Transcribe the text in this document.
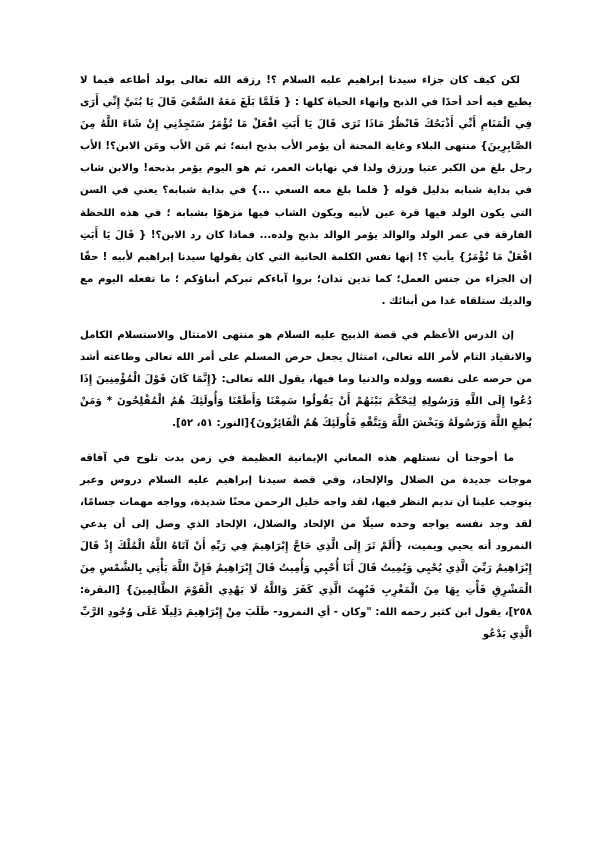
لكن كيف كان جزاء سيدنا إبراهيم عليه السلام ؟! رزقه الله تعالى بولد أطاعه فيما لا يطيع فيه أحد أحدًا في الذبح وإنهاء الحياة كلها : { فَلَمَّا بَلَغَ مَعَهُ السَّعْيَ قَالَ يَا بُنَيَّ إِنِّي أَرَى فِي الْمَنَامِ أَنِّي أَذْبَحُكَ فَانْظُرْ مَاذَا تَرَى قَالَ يَا أَبَتِ افْعَلْ مَا تُؤْمَرُ سَتَجِدُنِي إِنْ شَاءَ اللَّهُ مِنَ الصَّابِرِينَ} منتهى البلاء وغاية المحنة أن يؤمر الأب بذبح ابنه؛ ثم مَن الأب ومَن الابن؟! الأب رجل بلغ من الكبر عتيا ورزق ولدا في نهايات العمر، ثم هو اليوم يؤمر بذبحه! والابن شاب في بداية شبابه بدليل قوله { فلما بلغ معه السعي ...} في بداية شبابه؟ يعني في السن التي يكون الولد فيها قرة عين لأبيه ويكون الشاب فيها مزهوًا بشبابه ؛ في هذه اللحظة الفارقة في عمر الولد والوالد يؤمر الوالد بذبح ولده... فماذا كان رد الابن؟! { قَالَ يَا أَبَتِ افْعَلْ مَا تُؤْمَرُ} يأبتِ ؟! إنها نفس الكلمة الحانية التي كان يقولها سيدنا إبراهيم لأبيه ! حقًا إن الجزاء من جنس العمل؛ كما تدين تدان؛ بروا آباءكم تبركم أبناؤكم ؛ ما تفعله اليوم مع والديك ستلقاه غدا من أبنائك .

إن الدرس الأعظم في قصة الذبيح عليه السلام هو منتهى الامتثال والاستسلام الكامل والانقياد التام لأمر الله تعالى، امتثال يجعل حرص المسلم على أمر الله تعالى وطاعته أشد من حرصه على نفسه وولده والدنيا وما فيها، يقول الله تعالى: {إِنَّمَا كَانَ قَوْلَ الْمُؤْمِنِينَ إِذَا دُعُوا إِلَى اللَّهِ وَرَسُولِهِ لِيَحْكُمَ بَيْنَهُمْ أَنْ يَقُولُوا سَمِعْنَا وَأَطَعْنَا وَأُولَئِكَ هُمُ الْمُفْلِحُونَ * وَمَنْ يُطِعِ اللَّهَ وَرَسُولَهُ وَيَخْشَ اللَّهَ وَيَتَّقْهِ فَأُولَئِكَ هُمُ الْفَائِزُونَ}[النور: ٥١، ٥٢].

ما أحوجنا أن نستلهم هذه المعاني الإيمانية العظيمة في زمن بدت تلوح في آفاقه موجات جديدة من الضلال والإلحاد، وفي قصة سيدنا إبراهيم عليه السلام دروس وعبر يتوجب علينا أن نديم النظر فيها، لقد واجه خليل الرحمن محنًا شديدة، وواجه مهمات جسامًا، لقد وجد نفسه يواجه وحده سيلًا من الإلحاد والضلال، الإلحاد الذي وصل إلى أن يدعي النمرود أنه يحيي ويميت، {أَلَمْ تَرَ إِلَى الَّذِي حَاجَّ إِبْرَاهِيمَ فِي رَبِّهِ أَنْ آتَاهُ اللَّهُ الْمُلْكَ إِذْ قَالَ إِبْرَاهِيمُ رَبِّيَ الَّذِي يُحْيِي وَيُمِيتُ قَالَ أَنَا أُحْيِي وَأُمِيتُ قَالَ إِبْرَاهِيمُ فَإِنَّ اللَّهَ يَأْتِي بِالشَّمْسِ مِنَ الْمَشْرِقِ فَأْتِ بِهَا مِنَ الْمَغْرِبِ فَبُهِتَ الَّذِي كَفَرَ وَاللَّهُ لَا يَهْدِي الْقَوْمَ الظَّالِمِينَ} [البقرة: ٢٥٨]، يقول ابن كثير رحمه الله: "وكان - أي النمرود- طَلَبَ مِنْ إِبْرَاهِيمَ دَلِيلًا عَلَى وُجُودِ الرَّبِّ الَّذِي يَدْعُو
